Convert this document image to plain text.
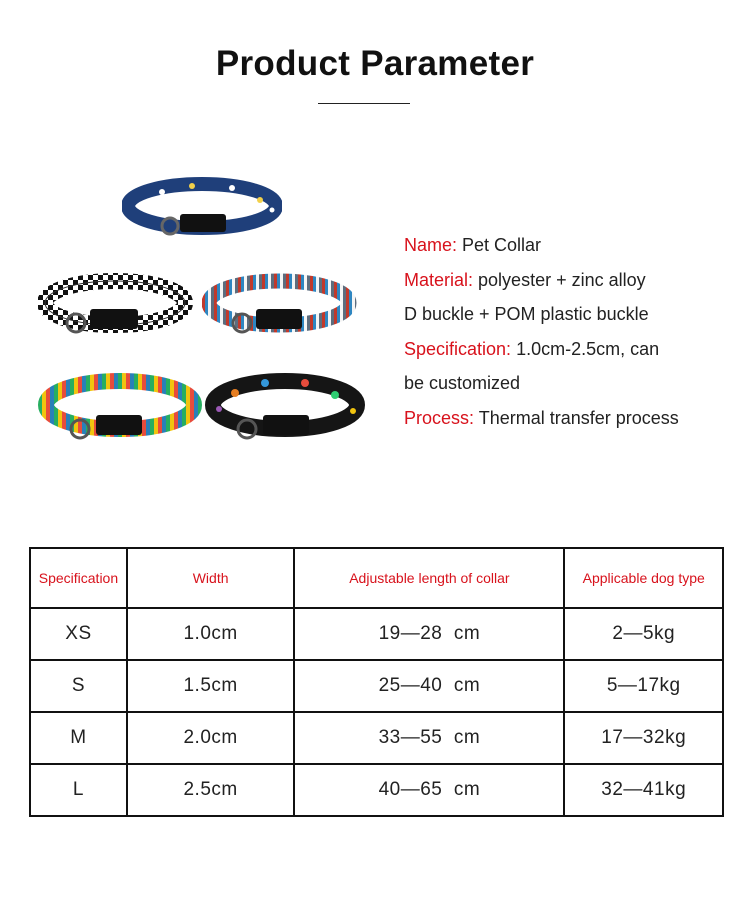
Product Parameter
Name: Pet Collar
Material: polyester + zinc alloy
D buckle + POM plastic buckle
Specification: 1.0cm-2.5cm, can
be customized
Process: Thermal transfer process
Specification	Width	Adjustable length of collar	Applicable dog type
XS	1.0cm	19—28  cm	2—5kg
S	1.5cm	25—40  cm	5—17kg
M	2.0cm	33—55  cm	17—32kg
L	2.5cm	40—65  cm	32—41kg
